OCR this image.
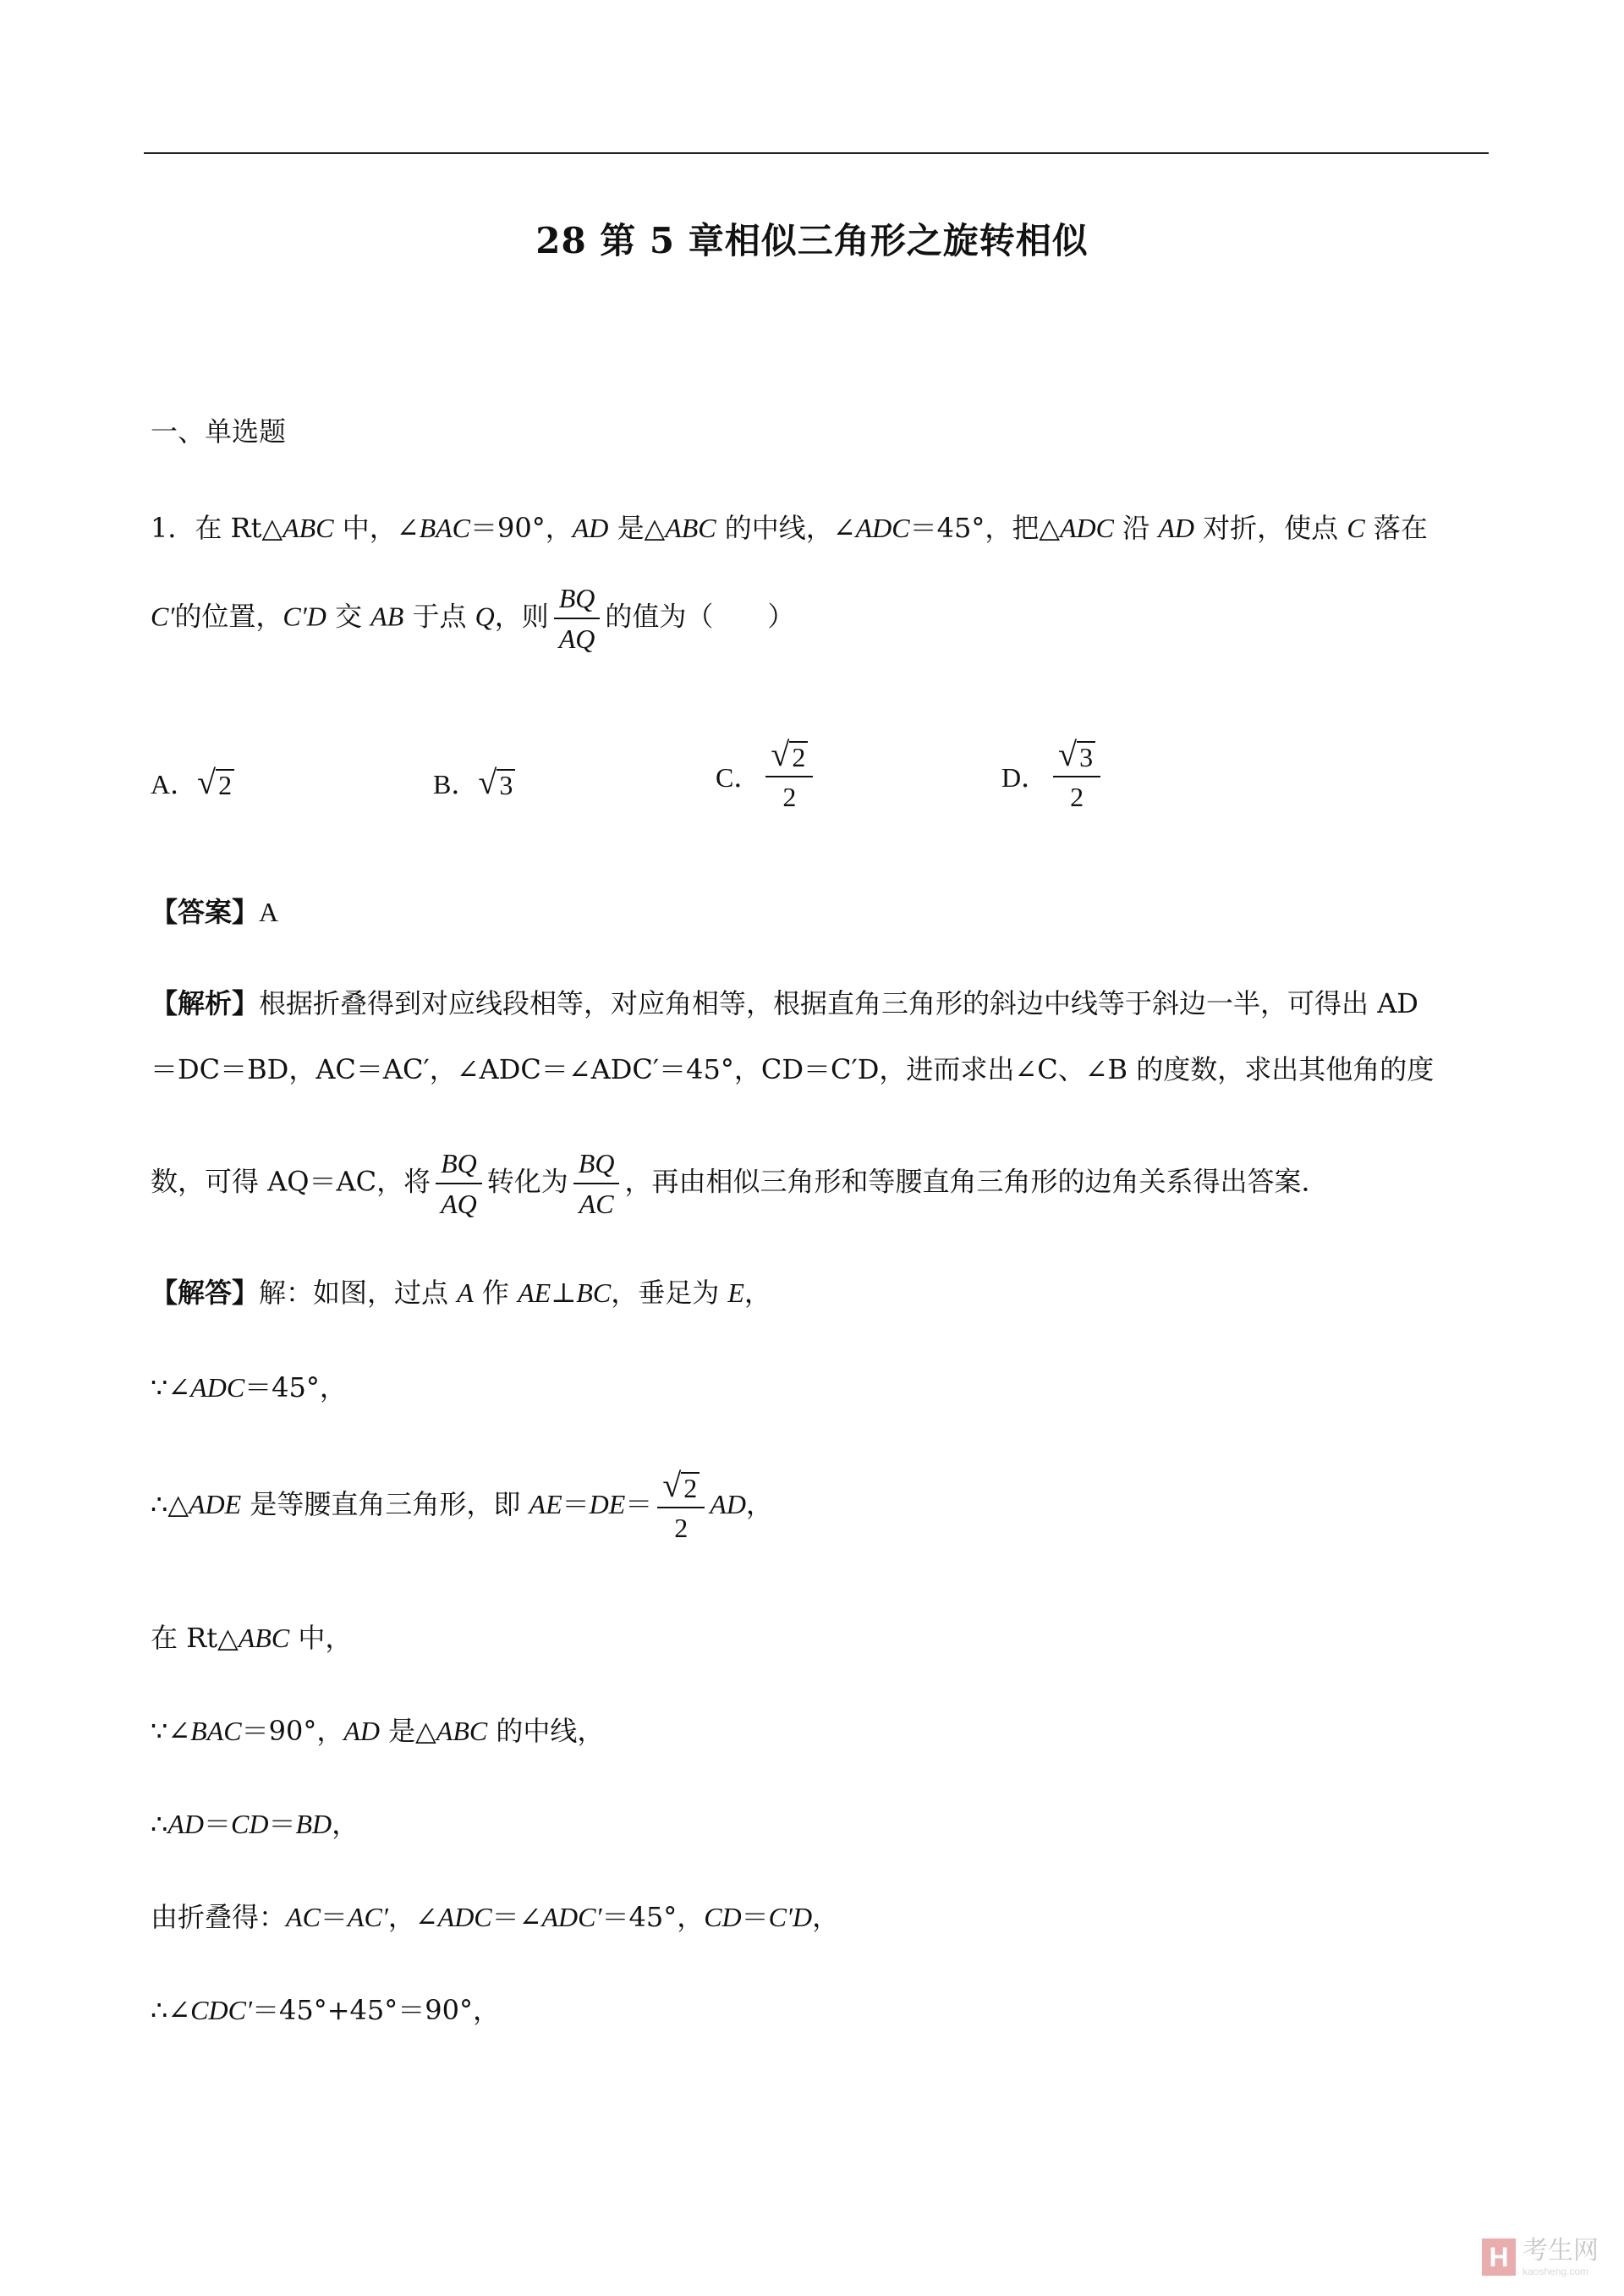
28 第 5 章相似三角形之旋转相似
一、单选题
1．在 Rt△ABC 中，∠BAC＝90°，AD 是△ABC 的中线，∠ADC＝45°，把△ADC 沿 AD 对折，使点 C 落在
C′的位置，C′D 交 AB 于点 Q，则 $\frac{BQ}{AQ}$ 的值为（　　）
A． √ 2	B． √ 3	C． $\frac{√ 2}{2}$	D． $\frac{√ 3}{2}$
【答案】A
【解析】根据折叠得到对应线段相等，对应角相等，根据直角三角形的斜边中线等于斜边一半，可得出 AD
＝DC＝BD，AC＝AC′，∠ADC＝∠ADC′＝45°，CD＝C′D，进而求出∠C、∠B 的度数，求出其他角的度
数，可得 AQ＝AC，将 $\frac{BQ}{AQ}$ 转化为 $\frac{BQ}{AC}$ ，再由相似三角形和等腰直角三角形的边角关系得出答案．
【解答】解：如图，过点 A 作 AE⊥BC，垂足为 E，
∵∠ADC＝45°，
∴△ADE 是等腰直角三角形，即 $AE=DE= \frac{√ 2}{2}$ AD，
在 Rt△ABC 中，
∵∠BAC＝90°，AD 是△ABC 的中线，
∴AD＝CD＝BD，
由折叠得：AC＝AC′，∠ADC＝∠ADC′＝45°，CD＝C′D，
∴∠CDC′＝45°+45°＝90°，
H 考生网
kaosheng.com
